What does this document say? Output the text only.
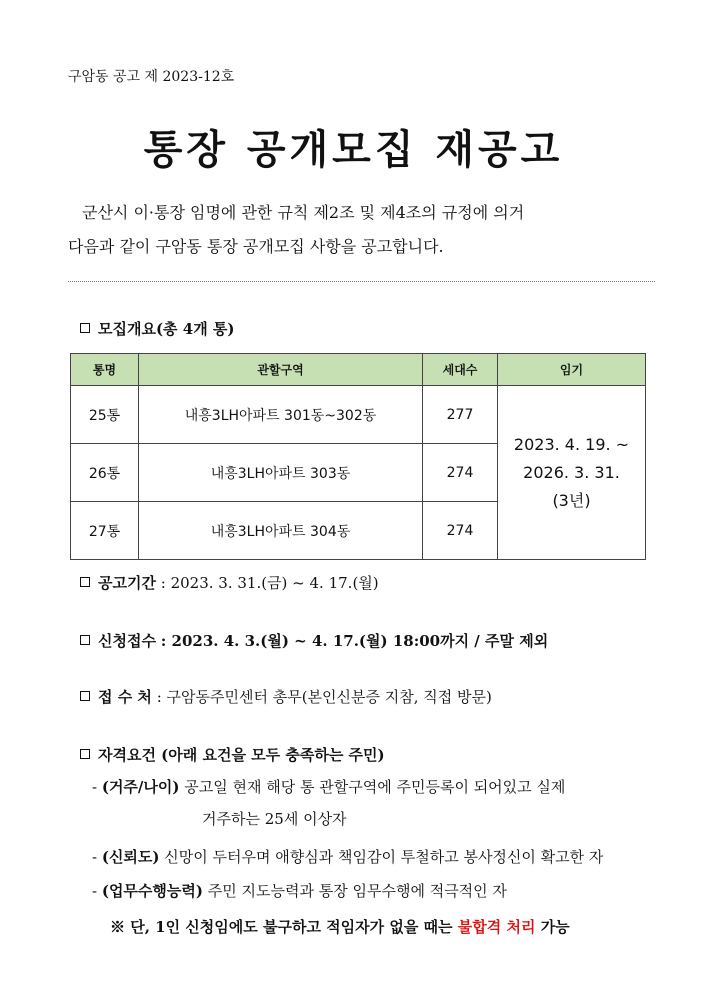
구암동 공고 제 2023-12호
통장 공개모집 재공고
군산시 이·통장 임명에 관한 규칙 제2조 및 제4조의 규정에 의거
다음과 같이 구암동 통장 공개모집 사항을 공고합니다.
모집개요(총 4개 통)
통명	관할구역	세대수	임기
25통	내흥3LH아파트 301동~302동	277	2023. 4. 19. ~
2026. 3. 31.
(3년)
26통	내흥3LH아파트 303동	274	
27통	내흥3LH아파트 304동	274	
공고기간 : 2023. 3. 31.(금) ~ 4. 17.(월)
신청접수 : 2023. 4. 3.(월) ~ 4. 17.(월) 18:00까지 / 주말 제외
접 수 처 : 구암동주민센터 총무(본인신분증 지참, 직접 방문)
자격요건 (아래 요건을 모두 충족하는 주민)
- (거주/나이) 공고일 현재 해당 통 관할구역에 주민등록이 되어있고 실제
거주하는 25세 이상자
- (신뢰도) 신망이 두터우며 애향심과 책임감이 투철하고 봉사정신이 확고한 자
- (업무수행능력) 주민 지도능력과 통장 임무수행에 적극적인 자
※ 단, 1인 신청임에도 불구하고 적임자가 없을 때는 불합격 처리 가능
